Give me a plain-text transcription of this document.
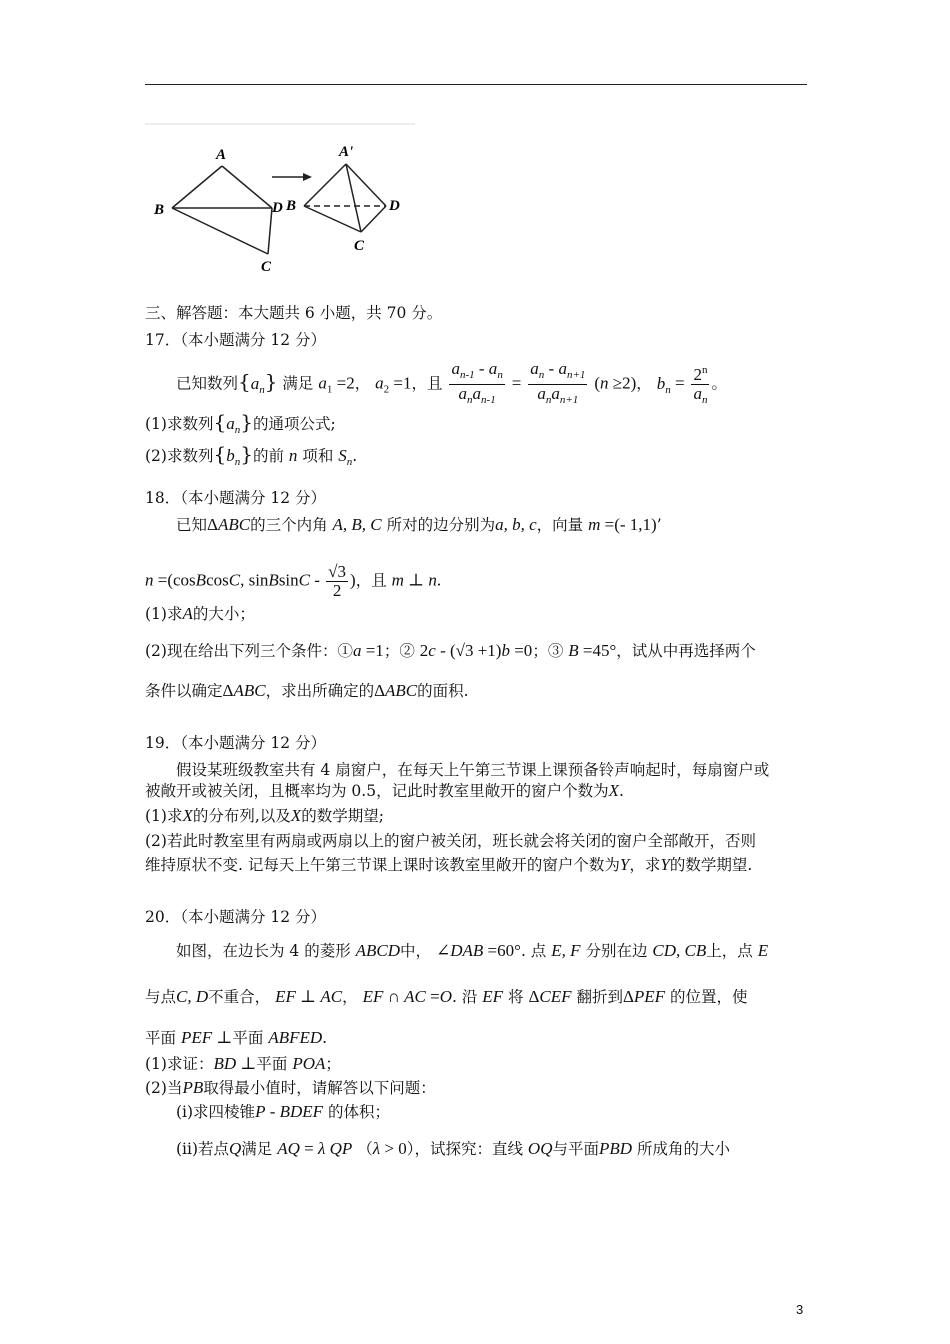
A
B	D
C
A'
B	D
C
三、解答题：本大题共 6 小题，共 70 分。
17．（本小题满分 12 分）
已知数列$\{a_n\}$ 满足 $a_1 =2$， $a_2 =1$，且 $\frac{a_{n-1} - a_n}{a_na_{n-1}} = \frac{a_n - a_{n+1}}{a_na_{n+1}} (n \ge 2)$， $b_n = \frac{2^n}{a_n}$ 。
(1)求数列$\{a_n\}$的通项公式;
(2)求数列$\{b_n\}$的前 n 项和 $S_n$.
18．（本小题满分 12 分）
已知ΔABC的三个内角 A, B, C 所对的边分别为a, b, c，向量 m =(- 1,1)’
n =(cosBcosC, sinBsinC - $\frac{√3}{2}$ )，且 m ⊥ n.
(1)求A的大小；
(2)现在给出下列三个条件：①a =1；② 2c - (√3 +1)b =0；③ B =45°，试从中再选择两个
条件以确定ΔABC，求出所确定的ΔABC的面积.
19．（本小题满分 12 分）
假设某班级教室共有 4 扇窗户，在每天上午第三节课上课预备铃声响起时，每扇窗户或
被敞开或被关闭，且概率均为 0.5，记此时教室里敞开的窗户个数为X.
(1)求X的分布列,以及X的数学期望;
(2)若此时教室里有两扇或两扇以上的窗户被关闭，班长就会将关闭的窗户全部敞开，否则
维持原状不变. 记每天上午第三节课上课时该教室里敞开的窗户个数为Y，求Y的数学期望.
20．（本小题满分 12 分）
如图，在边长为 4 的菱形 ABCD中， ∠DAB =60°. 点 E, F 分别在边 CD, CB上，点 E
与点C, D不重合， EF ⊥ AC， EF ∩ AC =O. 沿 EF 将 ΔCEF 翻折到ΔPEF 的位置，使
平面 PEF ⊥平面 ABFED.
(1)求证：BD ⊥平面 POA；
(2)当PB取得最小值时，请解答以下问题：
(i)求四棱锥P - BDEF 的体积；
(ii)若点Q满足 AQ = λ QP （λ > 0），试探究：直线 OQ与平面PBD 所成角的大小
3
